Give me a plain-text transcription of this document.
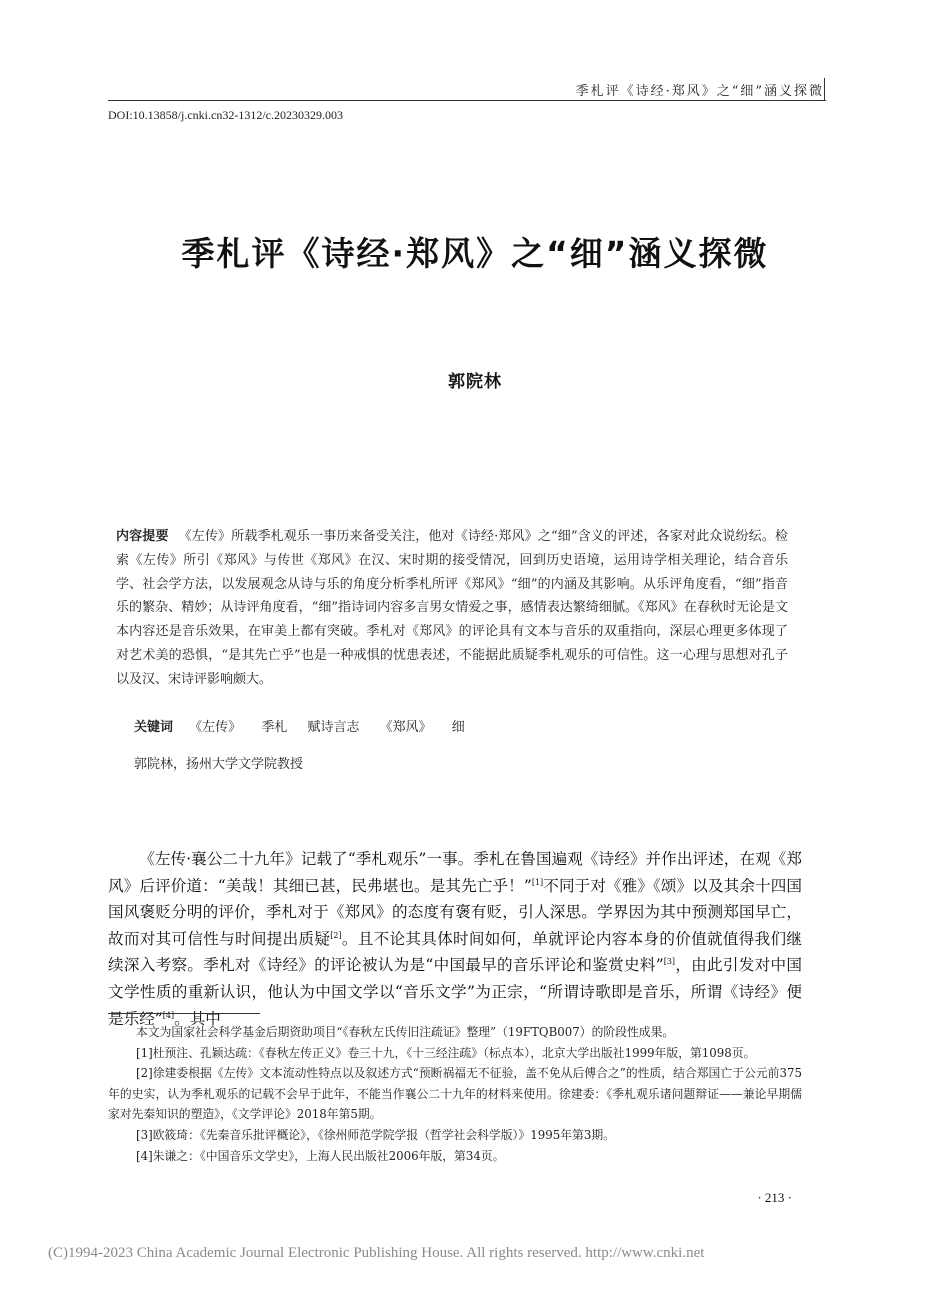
季札评《诗经·郑风》之“细”涵义探微
DOI:10.13858/j.cnki.cn32-1312/c.20230329.003
季札评《诗经·郑风》之“细”涵义探微
郭院林
内容提要 《左传》所载季札观乐一事历来备受关注，他对《诗经·郑风》之“细”含义的评述，各家对此众说纷纭。检索《左传》所引《郑风》与传世《郑风》在汉、宋时期的接受情况，回到历史语境，运用诗学相关理论，结合音乐学、社会学方法，以发展观念从诗与乐的角度分析季札所评《郑风》“细”的内涵及其影响。从乐评角度看，“细”指音乐的繁杂、精妙；从诗评角度看，“细”指诗词内容多言男女情爱之事，感情表达繁绮细腻。《郑风》在春秋时无论是文本内容还是音乐效果，在审美上都有突破。季札对《郑风》的评论具有文本与音乐的双重指向，深层心理更多体现了对艺术美的恐惧，“是其先亡乎”也是一种戒惧的忧患表述，不能据此质疑季札观乐的可信性。这一心理与思想对孔子以及汉、宋诗评影响颇大。
关键词 《左传》 季札 赋诗言志 《郑风》 细
郭院林，扬州大学文学院教授
《左传·襄公二十九年》记载了“季札观乐”一事。季札在鲁国遍观《诗经》并作出评述，在观《郑风》后评价道：“美哉！其细已甚，民弗堪也。是其先亡乎！”[1]不同于对《雅》《颂》以及其余十四国国风褒贬分明的评价，季札对于《郑风》的态度有褒有贬，引人深思。学界因为其中预测郑国早亡，故而对其可信性与时间提出质疑[2]。且不论其具体时间如何，单就评论内容本身的价值就值得我们继续深入考察。季札对《诗经》的评论被认为是“中国最早的音乐评论和鉴赏史料”[3]，由此引发对中国文学性质的重新认识，他认为中国文学以“音乐文学”为正宗，“所谓诗歌即是音乐，所谓《诗经》便是乐经”[4]。其中

本文为国家社会科学基金后期资助项目“《春秋左氏传旧注疏证》整理”（19FTQB007）的阶段性成果。

[1]杜预注、孔颖达疏：《春秋左传正义》卷三十九，《十三经注疏》（标点本），北京大学出版社1999年版，第1098页。

[2]徐建委根据《左传》文本流动性特点以及叙述方式“预断祸福无不征验，盖不免从后傅合之”的性质，结合郑国亡于公元前375年的史实，认为季札观乐的记载不会早于此年，不能当作襄公二十九年的材料来使用。徐建委：《季札观乐诸问题辩证——兼论早期儒家对先秦知识的塑造》，《文学评论》2018年第5期。

[3]欧筱琦：《先秦音乐批评概论》，《徐州师范学院学报（哲学社会科学版）》1995年第3期。

[4]朱谦之：《中国音乐文学史》，上海人民出版社2006年版，第34页。

· 213 ·
(C)1994-2023 China Academic Journal Electronic Publishing House. All rights reserved. http://www.cnki.net
